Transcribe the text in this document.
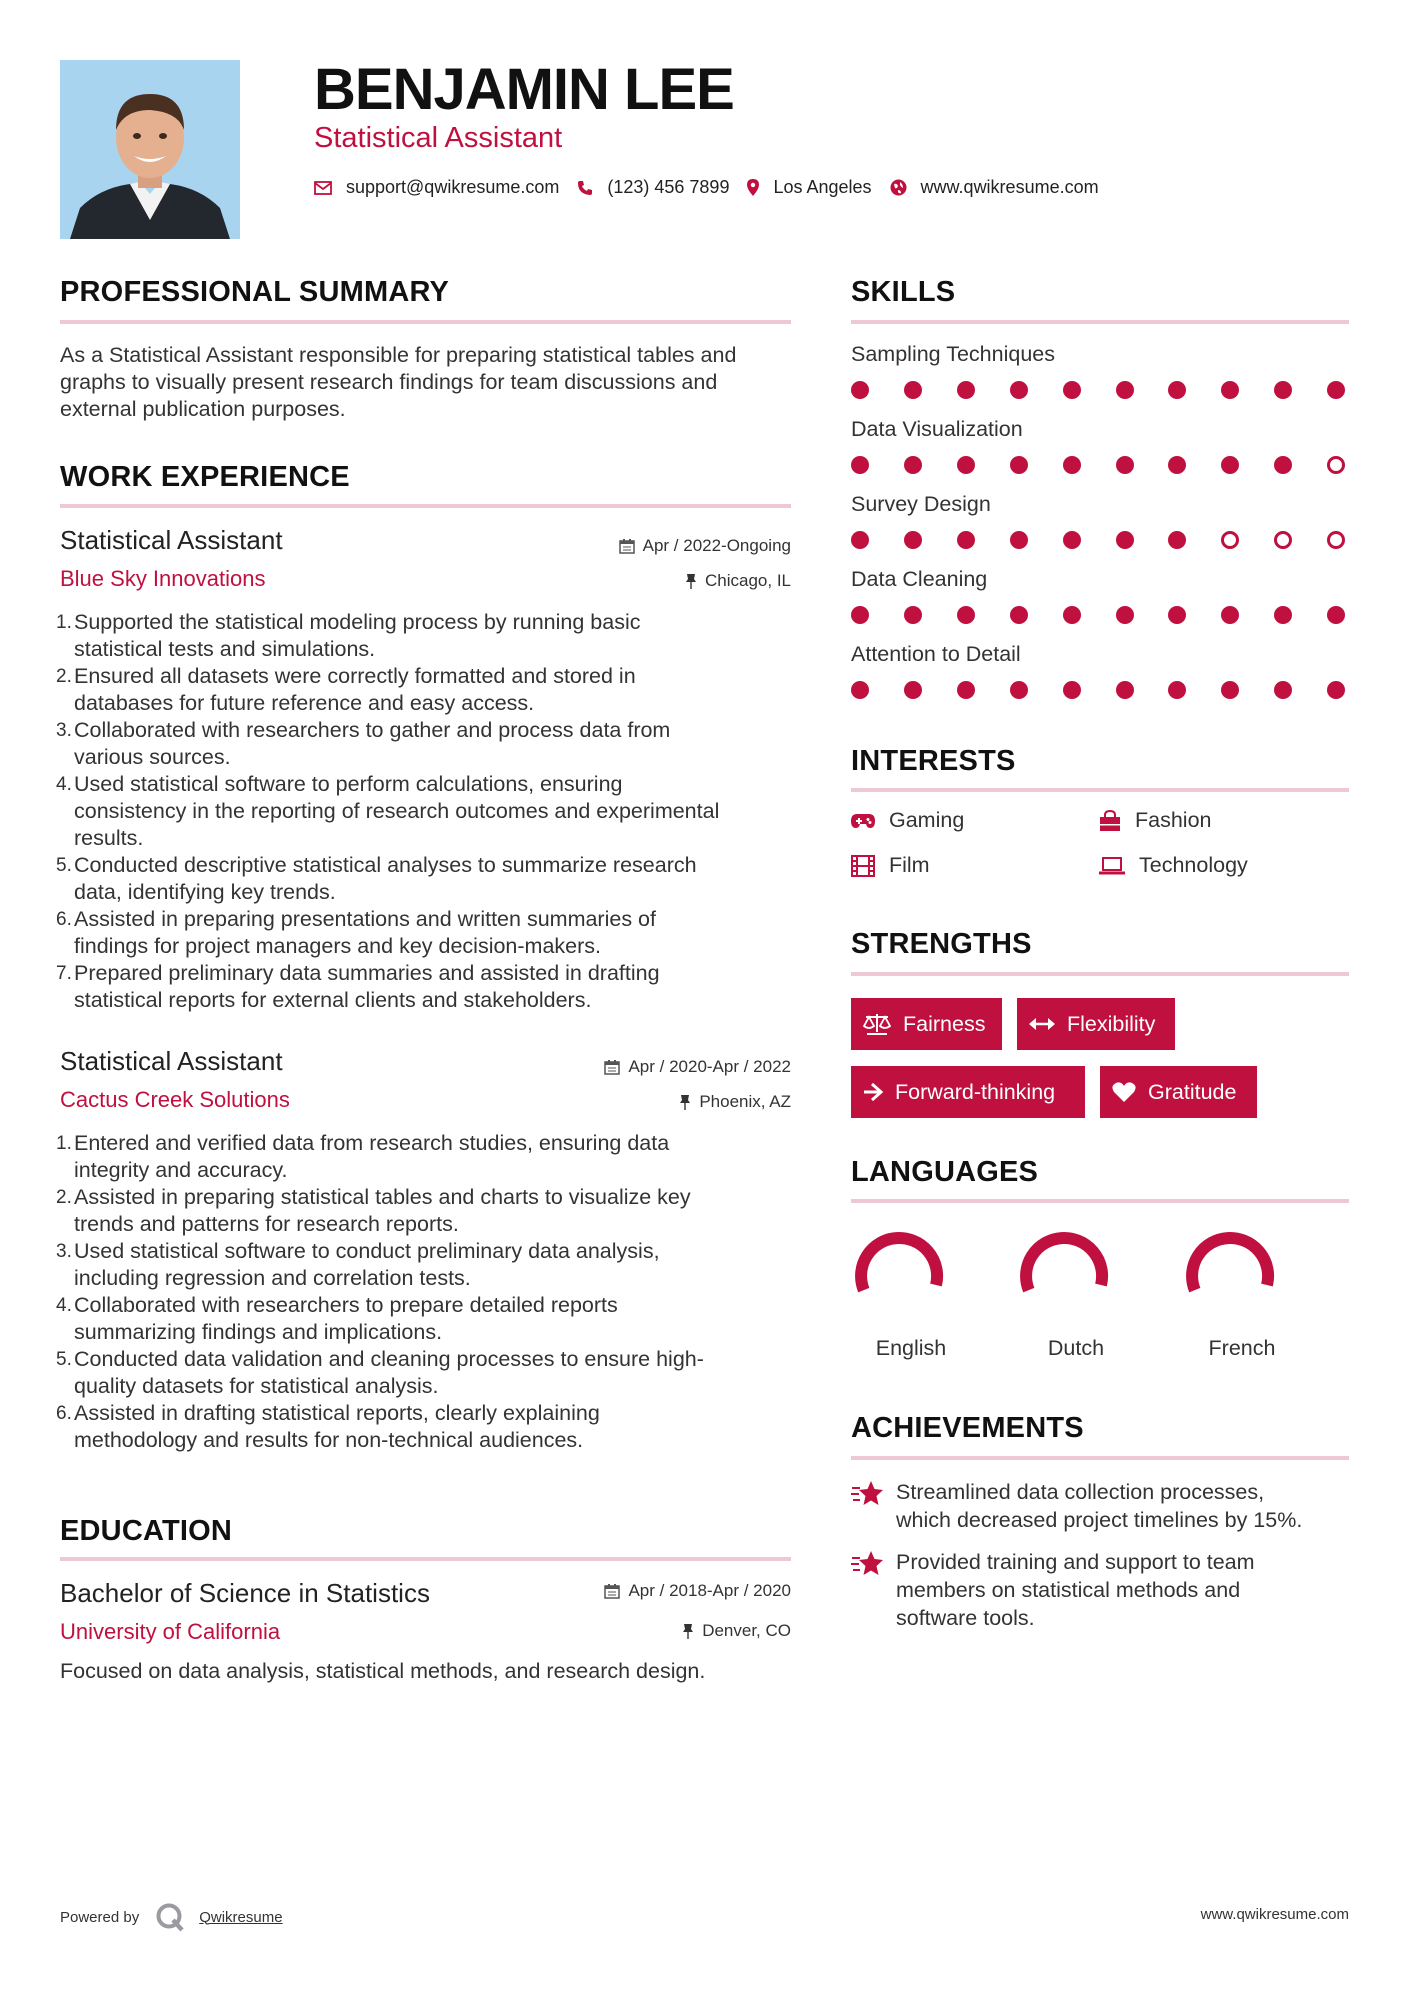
BENJAMIN LEE
Statistical Assistant
support@qwikresume.com	(123) 456 7899 Los Angeles	www.qwikresume.com
PROFESSIONAL SUMMARY
As a Statistical Assistant responsible for preparing statistical tables and
graphs to visually present research findings for team discussions and
external publication purposes.
WORK EXPERIENCE
Statistical Assistant	Apr / 2022-Ongoing
Blue Sky Innovations	Chicago, IL
1. Supported the statistical modeling process by running basic
statistical tests and simulations.
2. Ensured all datasets were correctly formatted and stored in
databases for future reference and easy access.
3. Collaborated with researchers to gather and process data from
various sources.
4. Used statistical software to perform calculations, ensuring
consistency in the reporting of research outcomes and experimental
results.
5. Conducted descriptive statistical analyses to summarize research
data, identifying key trends.
6. Assisted in preparing presentations and written summaries of
findings for project managers and key decision-makers.
7. Prepared preliminary data summaries and assisted in drafting
statistical reports for external clients and stakeholders.
Statistical Assistant	Apr / 2020-Apr / 2022
Cactus Creek Solutions	Phoenix, AZ
1. Entered and verified data from research studies, ensuring data
integrity and accuracy.
2. Assisted in preparing statistical tables and charts to visualize key
trends and patterns for research reports.
3. Used statistical software to conduct preliminary data analysis,
including regression and correlation tests.
4. Collaborated with researchers to prepare detailed reports
summarizing findings and implications.
5. Conducted data validation and cleaning processes to ensure high-
quality datasets for statistical analysis.
6. Assisted in drafting statistical reports, clearly explaining
methodology and results for non-technical audiences.
EDUCATION
Bachelor of Science in Statistics	Apr / 2018-Apr / 2020
University of California	Denver, CO
Focused on data analysis, statistical methods, and research design.
SKILLS
Sampling Techniques
Data Visualization
Survey Design
Data Cleaning
Attention to Detail
INTERESTS
Gaming	Fashion
Film	Technology
STRENGTHS
Fairness	Flexibility
Forward-thinking	Gratitude
LANGUAGES
English	Dutch	French
ACHIEVEMENTS
Streamlined data collection processes,
which decreased project timelines by 15%.
Provided training and support to team
members on statistical methods and
software tools.
Powered by	Qwikresume	www.qwikresume.com
